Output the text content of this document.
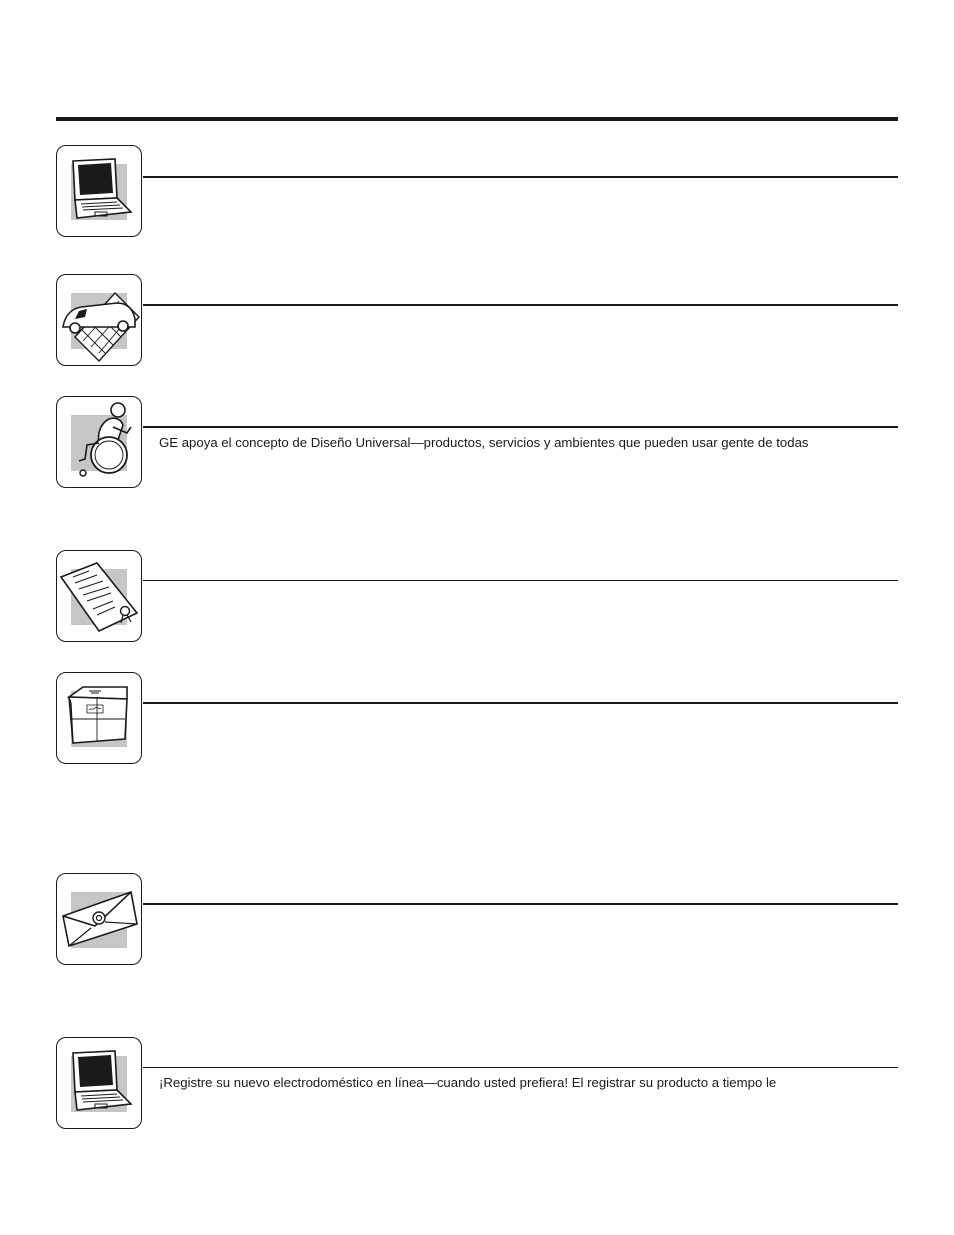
GE apoya el concepto de Diseño Universal—productos, servicios y ambientes que pueden usar gente de todas
¡Registre su nuevo electrodoméstico en línea—cuando usted prefiera! El registrar su producto a tiempo le
